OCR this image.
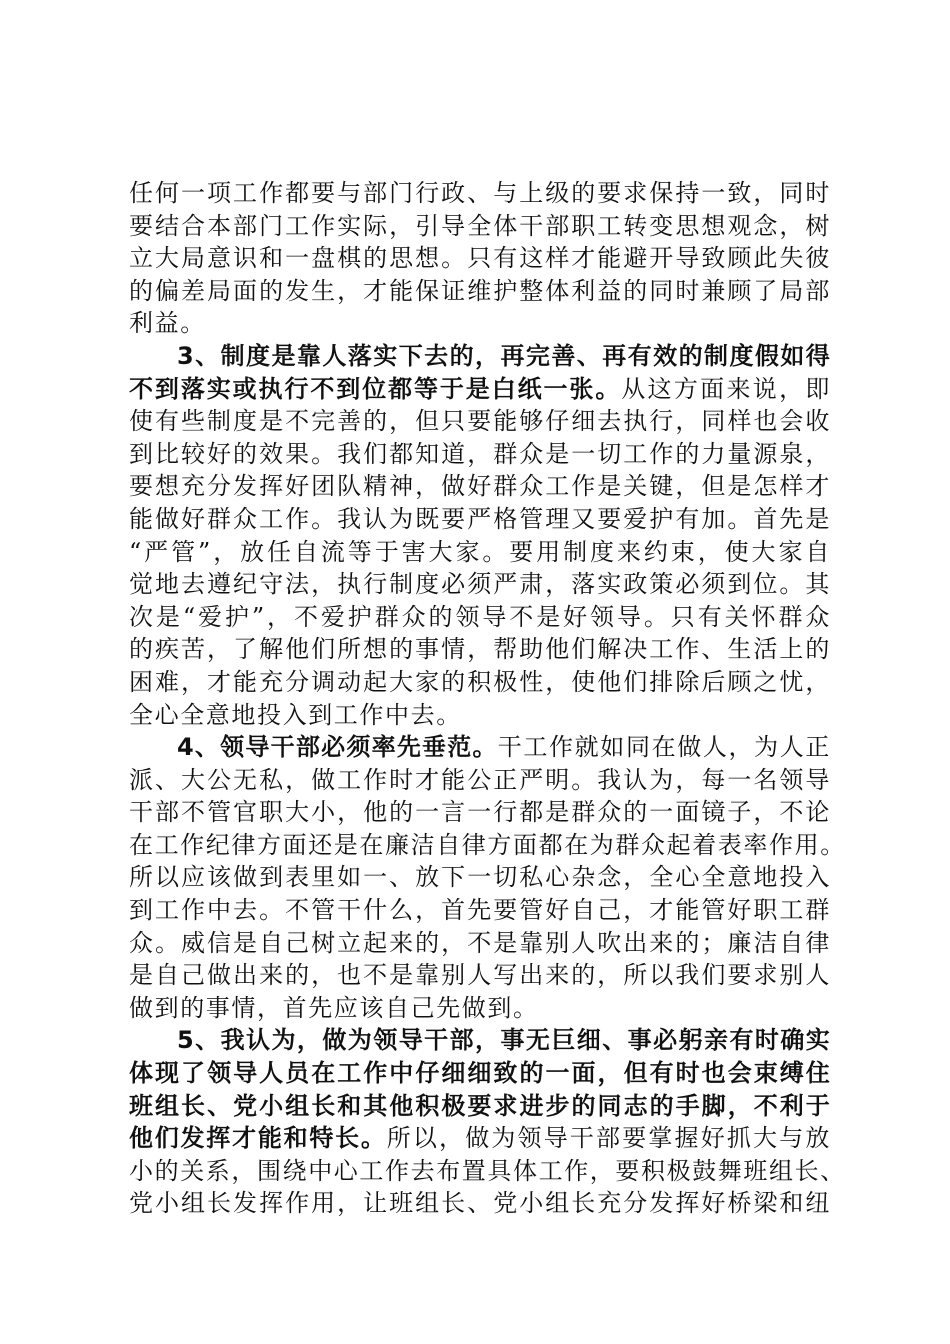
任何一项工作都要与部门行政、与上级的要求保持一致，同时
要结合本部门工作实际，引导全体干部职工转变思想观念，树
立大局意识和一盘棋的思想。只有这样才能避开导致顾此失彼
的偏差局面的发生，才能保证维护整体利益的同时兼顾了局部
利益。
3、制度是靠人落实下去的，再完善、再有效的制度假如得
不到落实或执行不到位都等于是白纸一张。从这方面来说，即
使有些制度是不完善的，但只要能够仔细去执行，同样也会收
到比较好的效果。我们都知道，群众是一切工作的力量源泉，
要想充分发挥好团队精神，做好群众工作是关键，但是怎样才
能做好群众工作。我认为既要严格管理又要爱护有加。首先是
“严管”，放任自流等于害大家。要用制度来约束，使大家自
觉地去遵纪守法，执行制度必须严肃，落实政策必须到位。其
次是“爱护”，不爱护群众的领导不是好领导。只有关怀群众
的疾苦，了解他们所想的事情，帮助他们解决工作、生活上的
困难，才能充分调动起大家的积极性，使他们排除后顾之忧，
全心全意地投入到工作中去。
4、领导干部必须率先垂范。干工作就如同在做人，为人正
派、大公无私，做工作时才能公正严明。我认为，每一名领导
干部不管官职大小，他的一言一行都是群众的一面镜子，不论
在工作纪律方面还是在廉洁自律方面都在为群众起着表率作用。
所以应该做到表里如一、放下一切私心杂念，全心全意地投入
到工作中去。不管干什么，首先要管好自己，才能管好职工群
众。威信是自己树立起来的，不是靠别人吹出来的；廉洁自律
是自己做出来的，也不是靠别人写出来的，所以我们要求别人
做到的事情，首先应该自己先做到。
5、我认为，做为领导干部，事无巨细、事必躬亲有时确实
体现了领导人员在工作中仔细细致的一面，但有时也会束缚住
班组长、党小组长和其他积极要求进步的同志的手脚，不利于
他们发挥才能和特长。所以，做为领导干部要掌握好抓大与放
小的关系，围绕中心工作去布置具体工作，要积极鼓舞班组长、
党小组长发挥作用，让班组长、党小组长充分发挥好桥梁和纽
